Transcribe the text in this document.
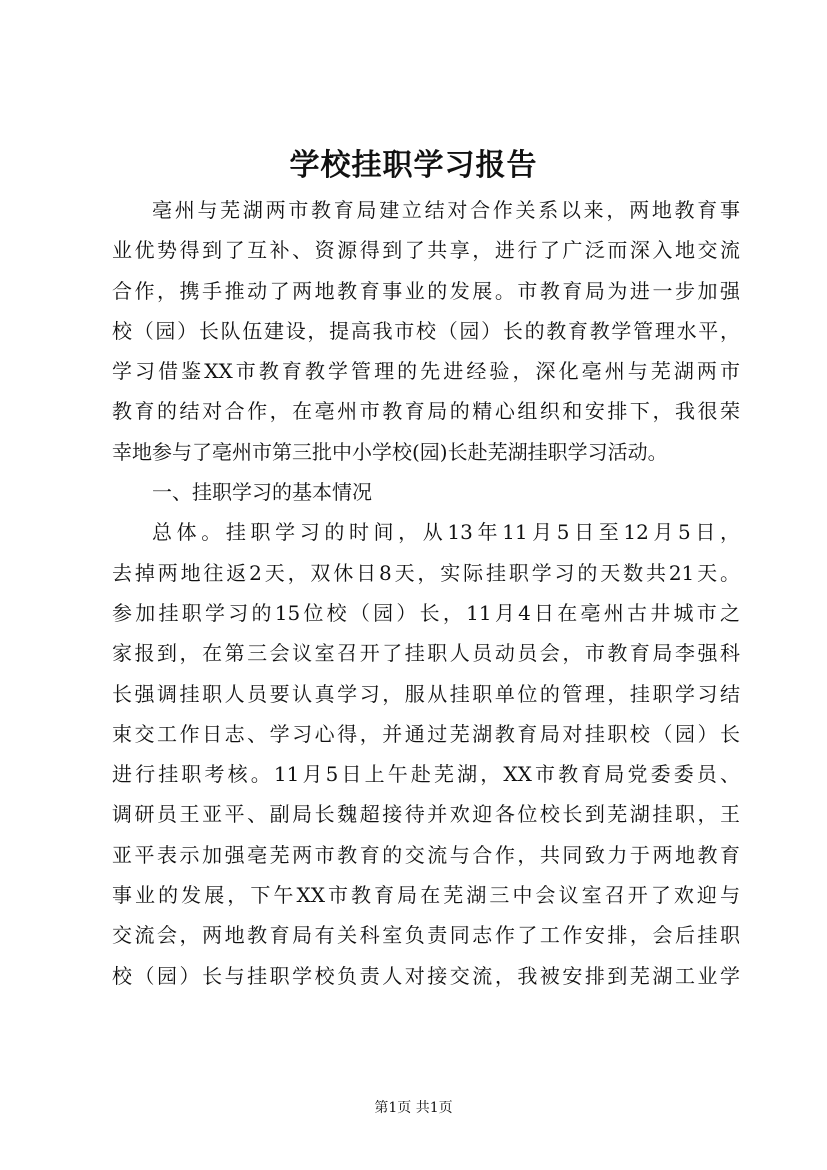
学校挂职学习报告
亳州与芜湖两市教育局建立结对合作关系以来，两地教育事
业优势得到了互补、资源得到了共享，进行了广泛而深入地交流
合作，携手推动了两地教育事业的发展。市教育局为进一步加强
校（园）长队伍建设，提高我市校（园）长的教育教学管理水平，
学习借鉴XX市教育教学管理的先进经验，深化亳州与芜湖两市
教育的结对合作，在亳州市教育局的精心组织和安排下，我很荣
幸地参与了亳州市第三批中小学校(园)长赴芜湖挂职学习活动。
一、挂职学习的基本情况
总体。挂职学习的时间，从13年11月5日至12月5日，
去掉两地往返2天，双休日8天，实际挂职学习的天数共21天。
参加挂职学习的15位校（园）长，11月4日在亳州古井城市之
家报到，在第三会议室召开了挂职人员动员会，市教育局李强科
长强调挂职人员要认真学习，服从挂职单位的管理，挂职学习结
束交工作日志、学习心得，并通过芜湖教育局对挂职校（园）长
进行挂职考核。11月5日上午赴芜湖，XX市教育局党委委员、
调研员王亚平、副局长魏超接待并欢迎各位校长到芜湖挂职，王
亚平表示加强亳芜两市教育的交流与合作，共同致力于两地教育
事业的发展，下午XX市教育局在芜湖三中会议室召开了欢迎与
交流会，两地教育局有关科室负责同志作了工作安排，会后挂职
校（园）长与挂职学校负责人对接交流，我被安排到芜湖工业学
第1页 共1页
